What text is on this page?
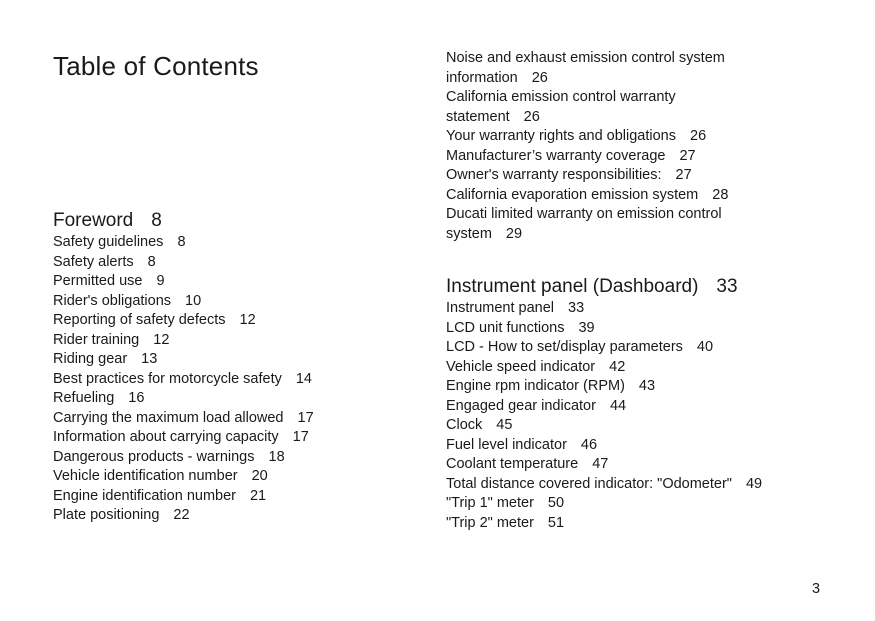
Table of Contents
Foreword 8
Safety guidelines 8
Safety alerts 8
Permitted use 9
Rider's obligations 10
Reporting of safety defects 12
Rider training 12
Riding gear 13
Best practices for motorcycle safety 14
Refueling 16
Carrying the maximum load allowed 17
Information about carrying capacity 17
Dangerous products - warnings 18
Vehicle identification number 20
Engine identification number 21
Plate positioning 22
Noise and exhaust emission control system
information 26
California emission control warranty
statement 26
Your warranty rights and obligations 26
Manufacturer’s warranty coverage 27
Owner's warranty responsibilities: 27
California evaporation emission system 28
Ducati limited warranty on emission control
system 29
Instrument panel (Dashboard) 33
Instrument panel 33
LCD unit functions 39
LCD - How to set/display parameters 40
Vehicle speed indicator 42
Engine rpm indicator (RPM) 43
Engaged gear indicator 44
Clock 45
Fuel level indicator 46
Coolant temperature 47
Total distance covered indicator: "Odometer" 49
"Trip 1" meter 50
"Trip 2" meter 51
3
